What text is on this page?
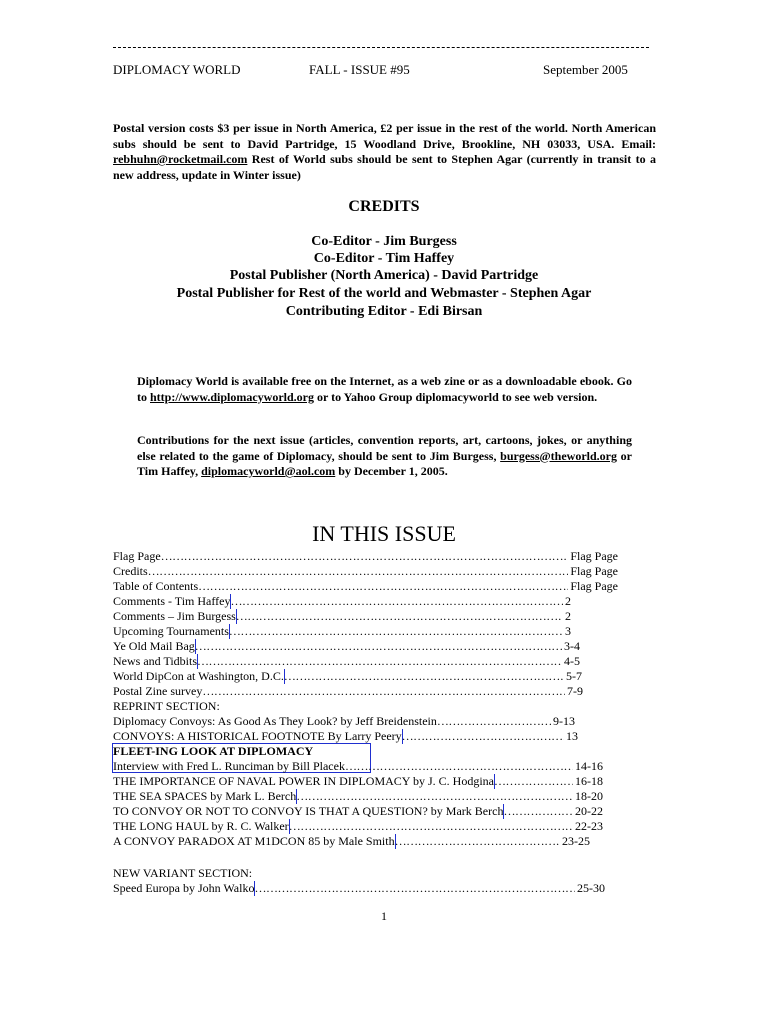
DIPLOMACY WORLD	FALL - ISSUE #95	September 2005
Postal version costs $3 per issue in North America, £2 per issue in the rest of the world. North American subs should be sent to David Partridge, 15 Woodland Drive, Brookline, NH 03033, USA. Email: rebhuhn@rocketmail.com Rest of World subs should be sent to Stephen Agar (currently in transit to a new address, update in Winter issue)
CREDITS
Co-Editor - Jim Burgess
Co-Editor - Tim Haffey
Postal Publisher (North America) - David Partridge
Postal Publisher for Rest of the world and Webmaster - Stephen Agar
Contributing Editor - Edi Birsan
Diplomacy World is available free on the Internet, as a web zine or as a downloadable ebook. Go to http://www.diplomacyworld.org or to Yahoo Group diplomacyworld to see web version.
Contributions for the next issue (articles, convention reports, art, cartoons, jokes, or anything else related to the game of Diplomacy, should be sent to Jim Burgess, burgess@theworld.org or Tim Haffey, diplomacyworld@aol.com by December 1, 2005.
IN THIS ISSUE
Flag Page ……………………………………………………………………………………………………………………………………………………………	Flag Page
Credits ……………………………………………………………………………………………………………………………………………………………	Flag Page
Table of Contents ……………………………………………………………………………………………………………………………………………………………	Flag Page
Comments - Tim Haffey ……………………………………………………………………………………………………………………………………………………………	2
Comments – Jim Burgess ……………………………………………………………………………………………………………………………………………………………	2
Upcoming Tournaments ……………………………………………………………………………………………………………………………………………………………	3
Ye Old Mail Bag ……………………………………………………………………………………………………………………………………………………………	3-4
News and Tidbits ……………………………………………………………………………………………………………………………………………………………	4-5
World DipCon at Washington, D.C. ……………………………………………………………………………………………………………………………………………………………	5-7
Postal Zine survey ……………………………………………………………………………………………………………………………………………………………	7-9
REPRINT SECTION:
Diplomacy Convoys: As Good As They Look? by Jeff Breidenstein ……………………………………………………………………………………………………………………………………………………………	9-13
CONVOYS: A HISTORICAL FOOTNOTE By Larry Peery ……………………………………………………………………………………………………………………………………………………………	13
FLEET-ING LOOK AT DIPLOMACY
Interview with Fred L. Runciman by Bill Placek ……………………………………………………………………………………………………………………………………………………………	14-16
THE IMPORTANCE OF NAVAL POWER IN DIPLOMACY by J. C. Hodgina ……………………………………………………………………………………………………………………………………………………………	16-18
THE SEA SPACES by Mark L. Berch ……………………………………………………………………………………………………………………………………………………………	18-20
TO CONVOY OR NOT TO CONVOY IS THAT A QUESTION? by Mark Berch ……………………………………………………………………………………………………………………………………………………………	20-22
THE LONG HAUL by R. C. Walker ……………………………………………………………………………………………………………………………………………………………	22-23
A CONVOY PARADOX AT M1DCON 85 by Male Smith ……………………………………………………………………………………………………………………………………………………………	23-25
NEW VARIANT SECTION:
Speed Europa by John Walko ……………………………………………………………………………………………………………………………………………………………	25-30
1
